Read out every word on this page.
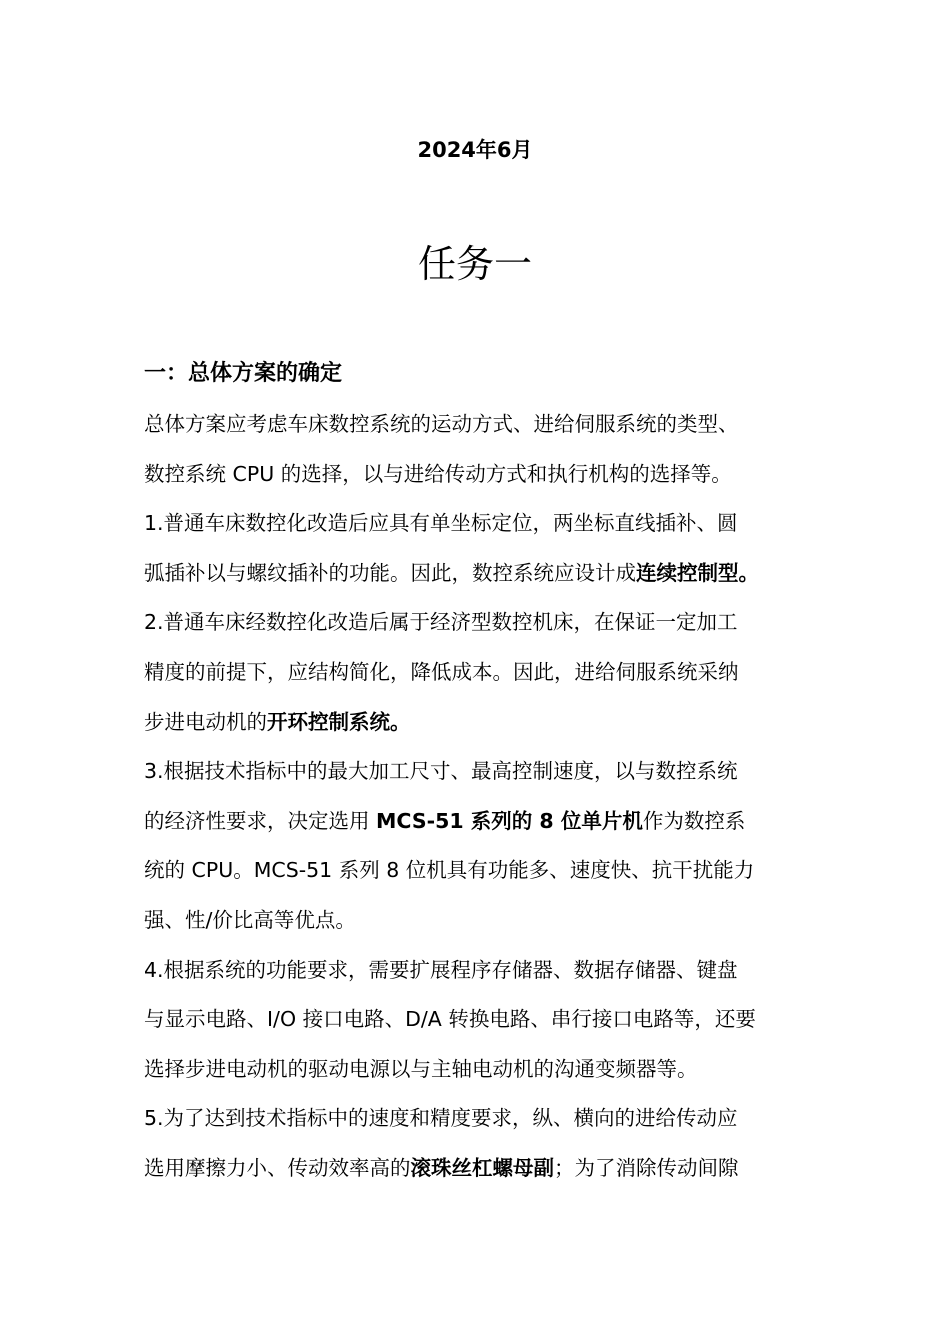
2024年6月
任务一
一：总体方案的确定
总体方案应考虑车床数控系统的运动方式、进给伺服系统的类型、
数控系统 CPU 的选择，以与进给传动方式和执行机构的选择等。
1.普通车床数控化改造后应具有单坐标定位，两坐标直线插补、圆
弧插补以与螺纹插补的功能。因此，数控系统应设计成连续控制型。
2.普通车床经数控化改造后属于经济型数控机床，在保证一定加工
精度的前提下，应结构简化，降低成本。因此，进给伺服系统采纳
步进电动机的开环控制系统。
3.根据技术指标中的最大加工尺寸、最高控制速度，以与数控系统
的经济性要求，决定选用 MCS-51 系列的 8 位单片机作为数控系
统的 CPU。MCS-51 系列 8 位机具有功能多、速度快、抗干扰能力
强、性/价比高等优点。
4.根据系统的功能要求，需要扩展程序存储器、数据存储器、键盘
与显示电路、I/O 接口电路、D/A 转换电路、串行接口电路等，还要
选择步进电动机的驱动电源以与主轴电动机的沟通变频器等。
5.为了达到技术指标中的速度和精度要求，纵、横向的进给传动应
选用摩擦力小、传动效率高的滚珠丝杠螺母副；为了消除传动间隙
